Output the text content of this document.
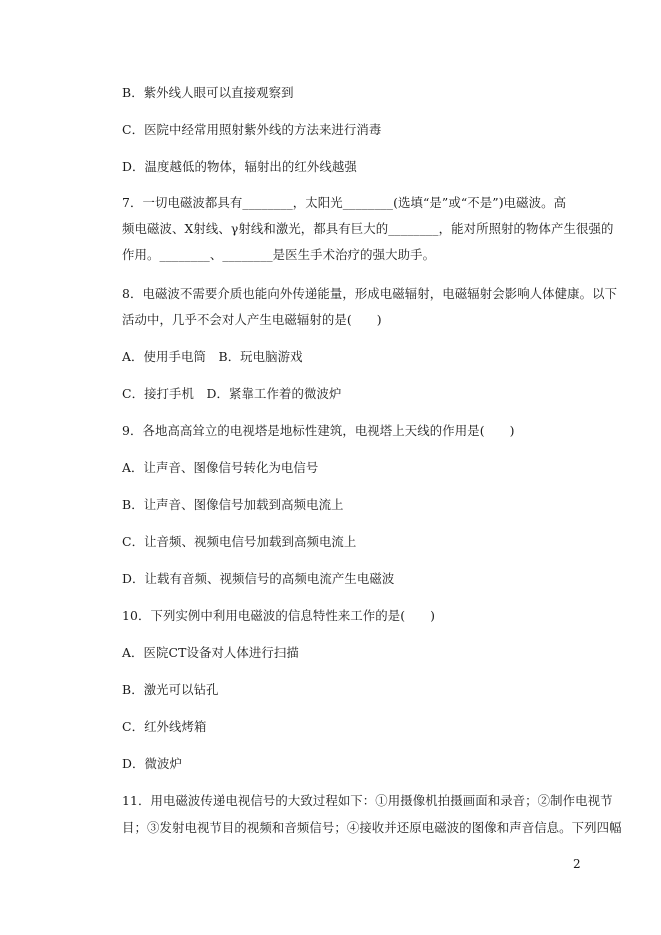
B．紫外线人眼可以直接观察到

C．医院中经常用照射紫外线的方法来进行消毒

D．温度越低的物体，辐射出的红外线越强

7．一切电磁波都具有________，太阳光________(选填“是”或“不是”)电磁波。高

频电磁波、X射线、γ射线和激光，都具有巨大的________，能对所照射的物体产生很强的

作用。________、________是医生手术治疗的强大助手。

8．电磁波不需要介质也能向外传递能量，形成电磁辐射，电磁辐射会影响人体健康。以下

活动中，几乎不会对人产生电磁辐射的是(　　)

A．使用手电筒　B．玩电脑游戏

C．接打手机　D．紧靠工作着的微波炉

9．各地高高耸立的电视塔是地标性建筑，电视塔上天线的作用是(　　)

A．让声音、图像信号转化为电信号

B．让声音、图像信号加载到高频电流上

C．让音频、视频电信号加载到高频电流上

D．让载有音频、视频信号的高频电流产生电磁波

10．下列实例中利用电磁波的信息特性来工作的是(　　)

A．医院CT设备对人体进行扫描

B．激光可以钻孔

C．红外线烤箱

D．微波炉

11．用电磁波传递电视信号的大致过程如下：①用摄像机拍摄画面和录音；②制作电视节

目；③发射电视节目的视频和音频信号；④接收并还原电磁波的图像和声音信息。下列四幅

2
